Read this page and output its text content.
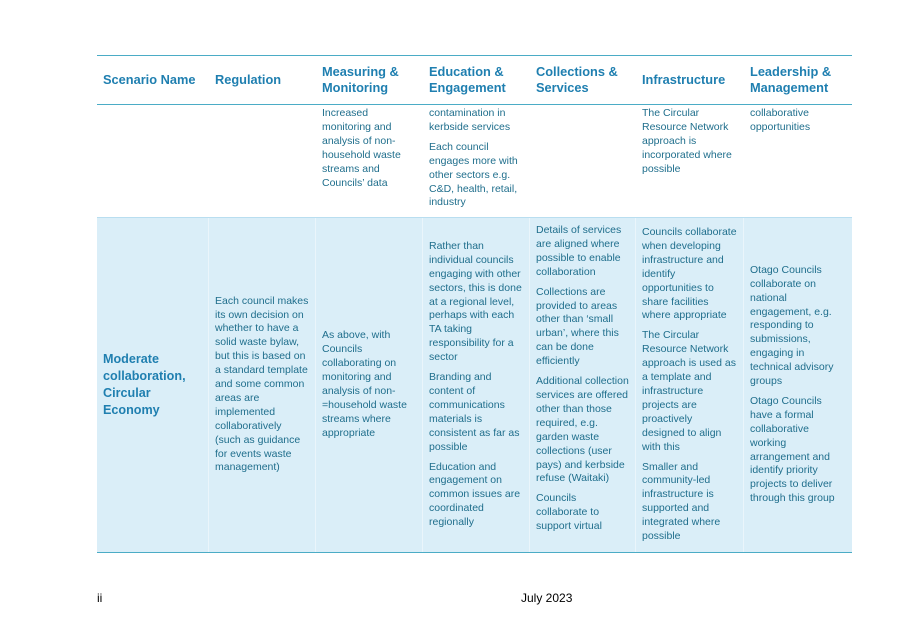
Scenario Name	Regulation
Measuring & Monitoring
Education & Engagement
Collections & Services
Infrastructure
Leadership & Management

Increased monitoring and analysis of non-household waste streams and Councils’ data

contamination in kerbside services

Each council engages more with other sectors e.g. C&D, health, retail, industry

The Circular Resource Network approach is incorporated where possible

collaborative opportunities

Moderate collaboration, Circular Economy

Each council makes its own decision on whether to have a solid waste bylaw, but this is based on a standard template and some common areas are implemented collaboratively (such as guidance for events waste management)

As above, with Councils collaborating on monitoring and analysis of non-=household waste streams where appropriate

Rather than individual councils engaging with other sectors, this is done at a regional level, perhaps with each TA taking responsibility for a sector

Branding and content of communications materials is consistent as far as possible

Education and engagement on common issues are coordinated regionally

Details of services are aligned where possible to enable collaboration

Collections are provided to areas other than ‘small urban’, where this can be done efficiently

Additional collection services are offered other than those required, e.g. garden waste collections (user pays) and kerbside refuse (Waitaki)

Councils collaborate to support virtual

Councils collaborate when developing infrastructure and identify opportunities to share facilities where appropriate

The Circular Resource Network approach is used as a template and infrastructure projects are proactively designed to align with this

Smaller and community-led infrastructure is supported and integrated where possible

Otago Councils collaborate on national engagement, e.g. responding to submissions, engaging in technical advisory groups

Otago Councils have a formal collaborative working arrangement and identify priority projects to deliver through this group

ii	July 2023
